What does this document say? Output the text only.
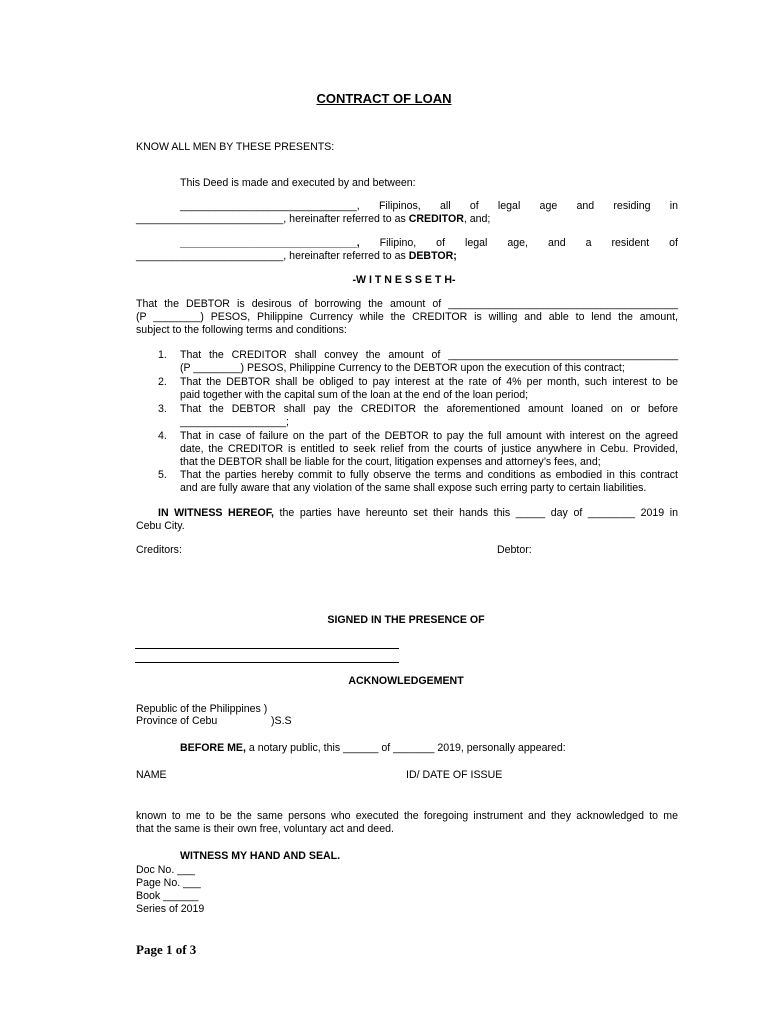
CONTRACT OF LOAN
KNOW ALL MEN BY THESE PRESENTS:
This Deed is made and executed by and between:
______________________________, Filipinos, all of legal age and residing in
_________________________, hereinafter referred to as CREDITOR, and;
______________________________, Filipino, of legal age, and a resident of
_________________________, hereinafter referred to as DEBTOR;
-W I T N E S S E T H-
That the DEBTOR is desirous of borrowing the amount of _______________________________________
(P ________) PESOS, Philippine Currency while the CREDITOR is willing and able to lend the amount,
subject to the following terms and conditions:
1. That the CREDITOR shall convey the amount of _______________________________________
(P ________) PESOS, Philippine Currency to the DEBTOR upon the execution of this contract;
2. That the DEBTOR shall be obliged to pay interest at the rate of 4% per month, such interest to be
paid together with the capital sum of the loan at the end of the loan period;
3. That the DEBTOR shall pay the CREDITOR the aforementioned amount loaned on or before
__________________;
4. That in case of failure on the part of the DEBTOR to pay the full amount with interest on the agreed
date, the CREDITOR is entitled to seek relief from the courts of justice anywhere in Cebu. Provided,
that the DEBTOR shall be liable for the court, litigation expenses and attorney’s fees, and;
5. That the parties hereby commit to fully observe the terms and conditions as embodied in this contract
and are fully aware that any violation of the same shall expose such erring party to certain liabilities.
IN WITNESS HEREOF, the parties have hereunto set their hands this _____ day of ________ 2019 in
Cebu City.
Creditors:	Debtor:
SIGNED IN THE PRESENCE OF
ACKNOWLEDGEMENT
Republic of the Philippines )
Province of Cebu	)S.S
BEFORE ME, a notary public, this ______ of _______ 2019, personally appeared:
NAME	ID/ DATE OF ISSUE
known to me to be the same persons who executed the foregoing instrument and they acknowledged to me
that the same is their own free, voluntary act and deed.
WITNESS MY HAND AND SEAL.
Doc No. ___
Page No. ___
Book ______
Series of 2019
Page 1 of 3
